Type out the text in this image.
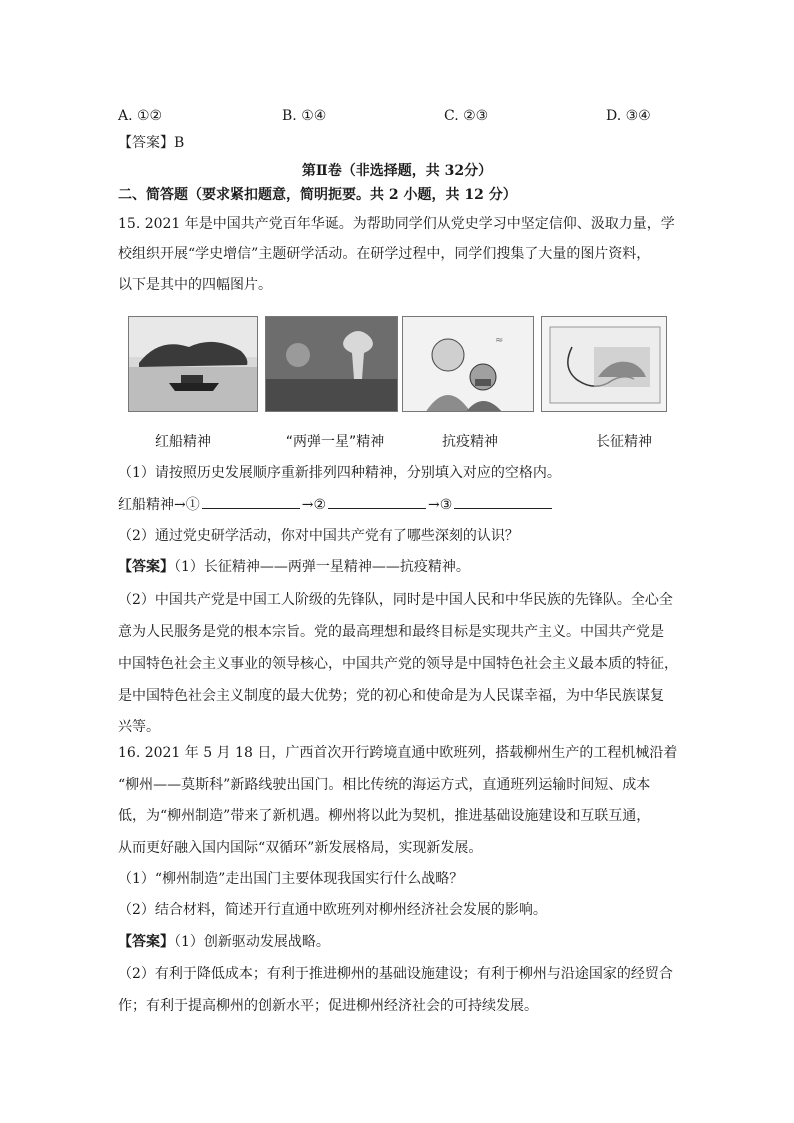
A. ①②	B. ①④	C. ②③	D. ③④
【答案】B
第Ⅱ卷（非选择题，共 32分）
二、简答题（要求紧扣题意，简明扼要。共 2 小题，共 12 分）
15. 2021 年是中国共产党百年华诞。为帮助同学们从党史学习中坚定信仰、汲取力量，学
校组织开展“学史增信”主题研学活动。在研学过程中，同学们搜集了大量的图片资料，
以下是其中的四幅图片。
≈
红船精神	“两弹一星”精神	抗疫精神	长征精神
（1）请按照历史发展顺序重新排列四种精神，分别填入对应的空格内。
红船精神→①	→②	→③
（2）通过党史研学活动，你对中国共产党有了哪些深刻的认识？
【答案】（1）长征精神——两弹一星精神——抗疫精神。
（2）中国共产党是中国工人阶级的先锋队，同时是中国人民和中华民族的先锋队。全心全
意为人民服务是党的根本宗旨。党的最高理想和最终目标是实现共产主义。中国共产党是
中国特色社会主义事业的领导核心，中国共产党的领导是中国特色社会主义最本质的特征，
是中国特色社会主义制度的最大优势；党的初心和使命是为人民谋幸福，为中华民族谋复
兴等。
16. 2021 年 5 月 18 日，广西首次开行跨境直通中欧班列，搭载柳州生产的工程机械沿着
“柳州——莫斯科”新路线驶出国门。相比传统的海运方式，直通班列运输时间短、成本
低，为“柳州制造”带来了新机遇。柳州将以此为契机，推进基础设施建设和互联互通，
从而更好融入国内国际“双循环”新发展格局，实现新发展。
（1）“柳州制造”走出国门主要体现我国实行什么战略？
（2）结合材料，简述开行直通中欧班列对柳州经济社会发展的影响。
【答案】（1）创新驱动发展战略。
（2）有利于降低成本；有利于推进柳州的基础设施建设；有利于柳州与沿途国家的经贸合
作；有利于提高柳州的创新水平；促进柳州经济社会的可持续发展。
